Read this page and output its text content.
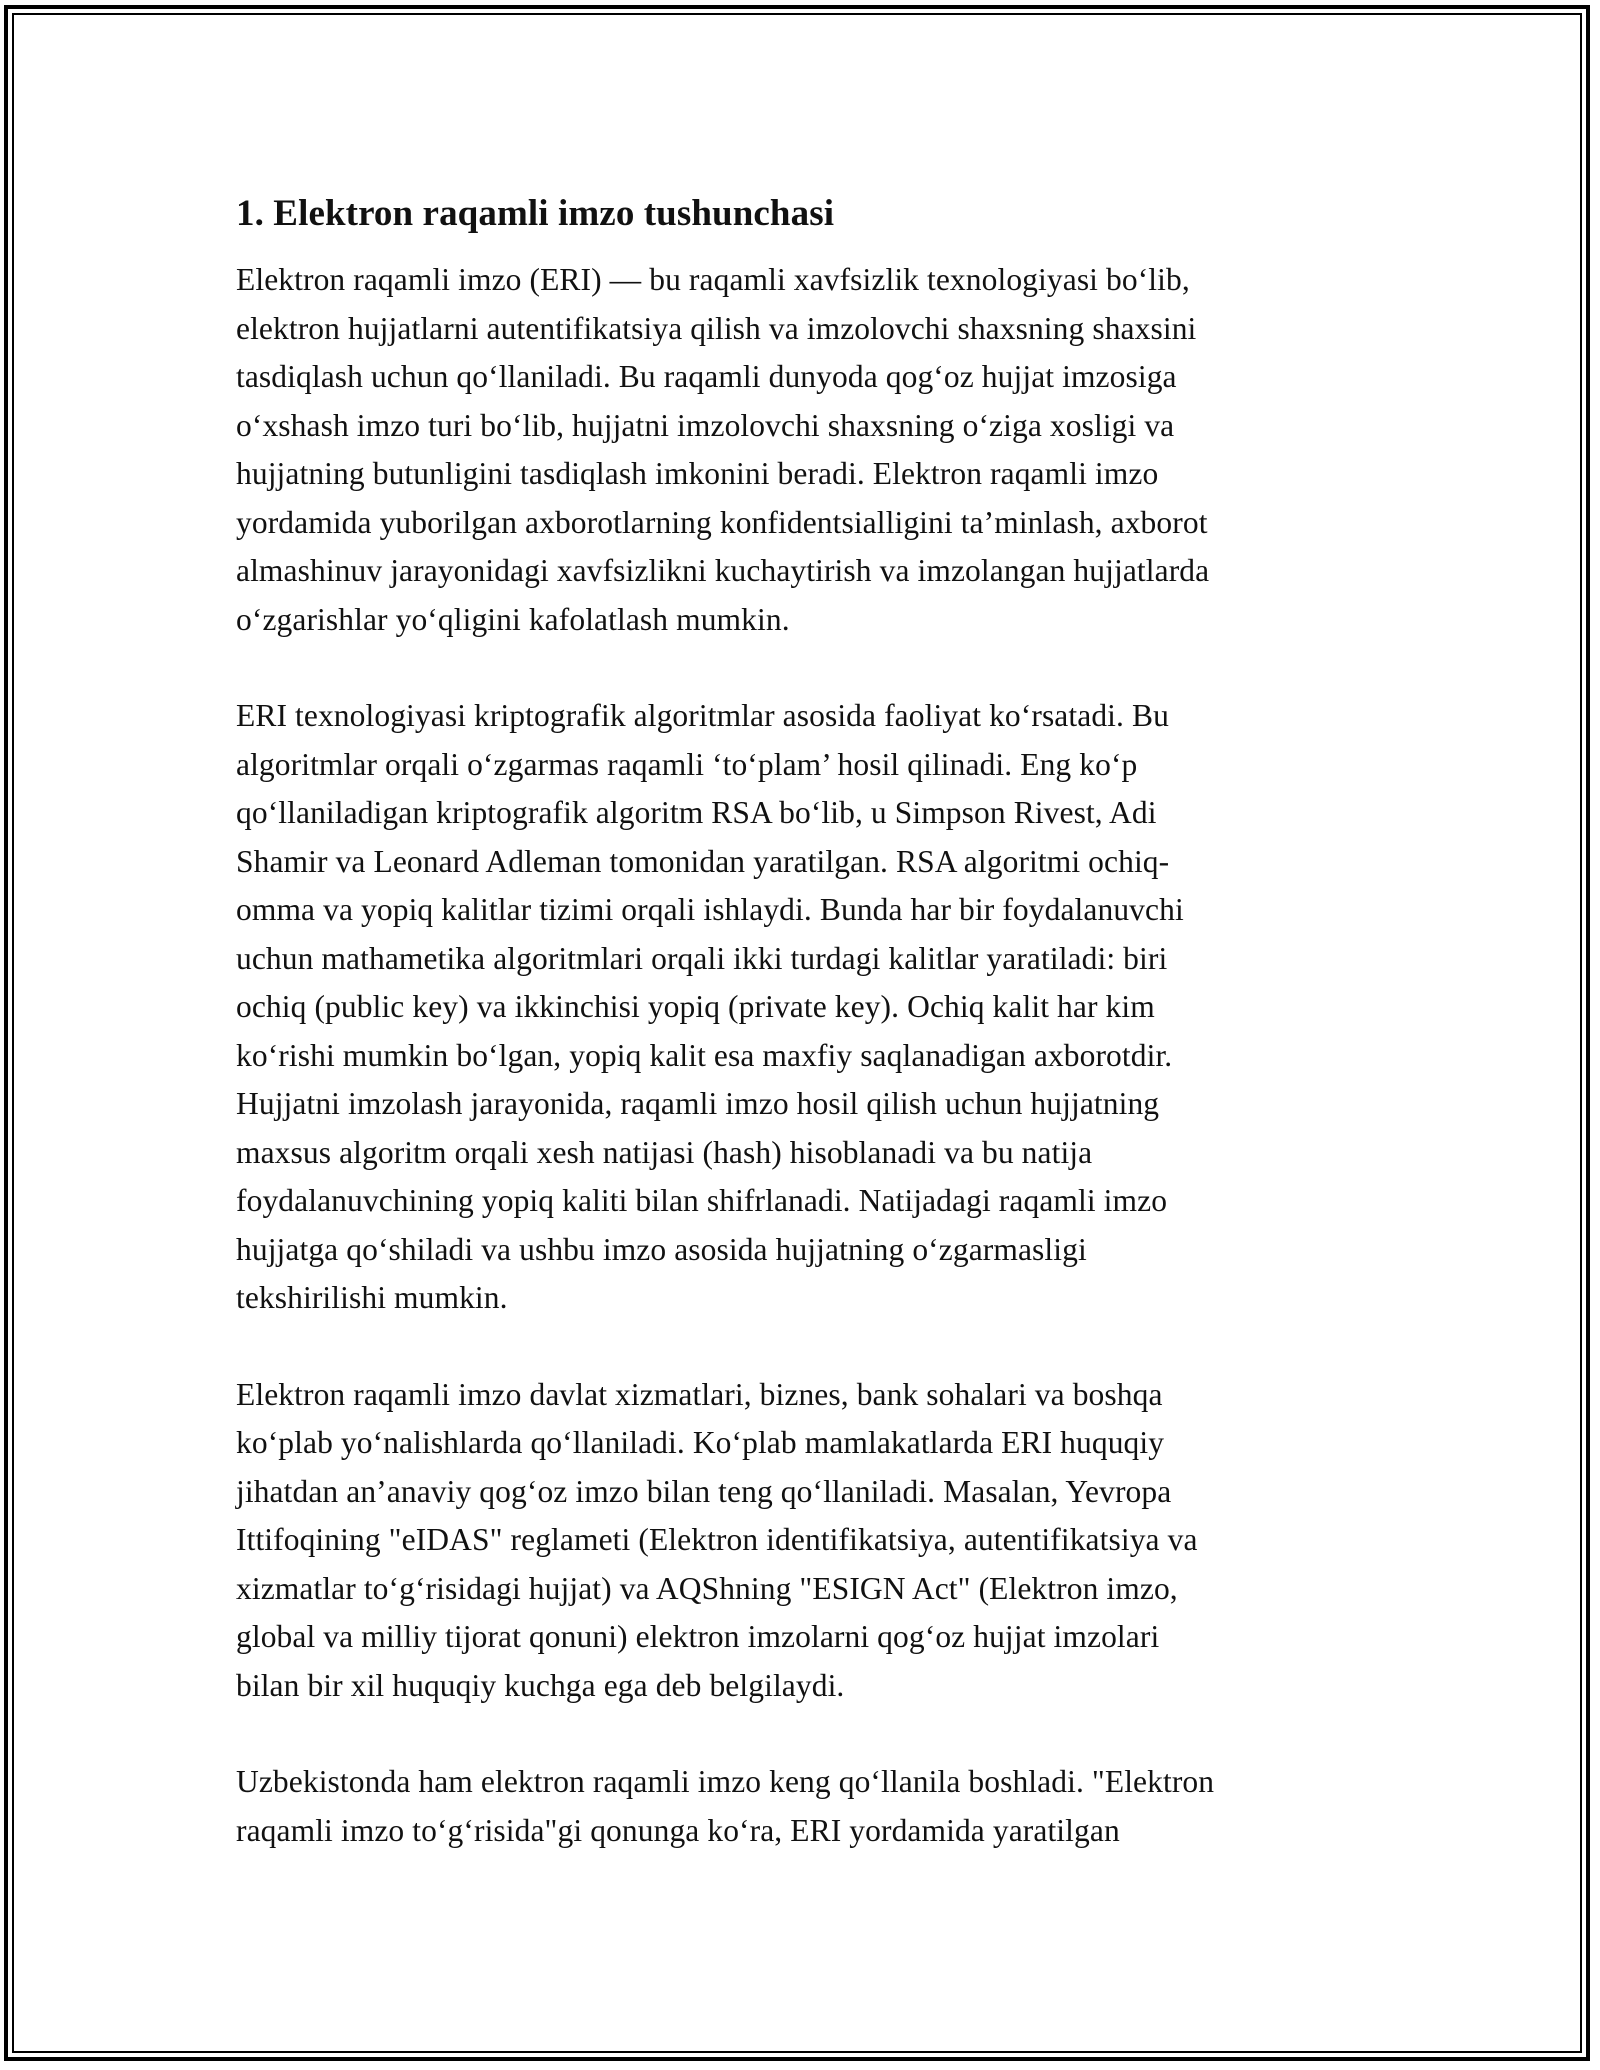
1. Elektron raqamli imzo tushunchasi
Elektron raqamli imzo (ERI) — bu raqamli xavfsizlik texnologiyasi bo‘lib,
elektron hujjatlarni autentifikatsiya qilish va imzolovchi shaxsning shaxsini
tasdiqlash uchun qo‘llaniladi. Bu raqamli dunyoda qog‘oz hujjat imzosiga
o‘xshash imzo turi bo‘lib, hujjatni imzolovchi shaxsning o‘ziga xosligi va
hujjatning butunligini tasdiqlash imkonini beradi. Elektron raqamli imzo
yordamida yuborilgan axborotlarning konfidentsialligini ta’minlash, axborot
almashinuv jarayonidagi xavfsizlikni kuchaytirish va imzolangan hujjatlarda
o‘zgarishlar yo‘qligini kafolatlash mumkin.
ERI texnologiyasi kriptografik algoritmlar asosida faoliyat ko‘rsatadi. Bu
algoritmlar orqali o‘zgarmas raqamli ‘to‘plam’ hosil qilinadi. Eng ko‘p
qo‘llaniladigan kriptografik algoritm RSA bo‘lib, u Simpson Rivest, Adi
Shamir va Leonard Adleman tomonidan yaratilgan. RSA algoritmi ochiq-
omma va yopiq kalitlar tizimi orqali ishlaydi. Bunda har bir foydalanuvchi
uchun mathametika algoritmlari orqali ikki turdagi kalitlar yaratiladi: biri
ochiq (public key) va ikkinchisi yopiq (private key). Ochiq kalit har kim
ko‘rishi mumkin bo‘lgan, yopiq kalit esa maxfiy saqlanadigan axborotdir.
Hujjatni imzolash jarayonida, raqamli imzo hosil qilish uchun hujjatning
maxsus algoritm orqali xesh natijasi (hash) hisoblanadi va bu natija
foydalanuvchining yopiq kaliti bilan shifrlanadi. Natijadagi raqamli imzo
hujjatga qo‘shiladi va ushbu imzo asosida hujjatning o‘zgarmasligi
tekshirilishi mumkin.
Elektron raqamli imzo davlat xizmatlari, biznes, bank sohalari va boshqa
ko‘plab yo‘nalishlarda qo‘llaniladi. Ko‘plab mamlakatlarda ERI huquqiy
jihatdan an’anaviy qog‘oz imzo bilan teng qo‘llaniladi. Masalan, Yevropa
Ittifoqining "eIDAS" reglameti (Elektron identifikatsiya, autentifikatsiya va
xizmatlar to‘g‘risidagi hujjat) va AQShning "ESIGN Act" (Elektron imzo,
global va milliy tijorat qonuni) elektron imzolarni qog‘oz hujjat imzolari
bilan bir xil huquqiy kuchga ega deb belgilaydi.
Uzbekistonda ham elektron raqamli imzo keng qo‘llanila boshladi. "Elektron
raqamli imzo to‘g‘risida"gi qonunga ko‘ra, ERI yordamida yaratilgan
